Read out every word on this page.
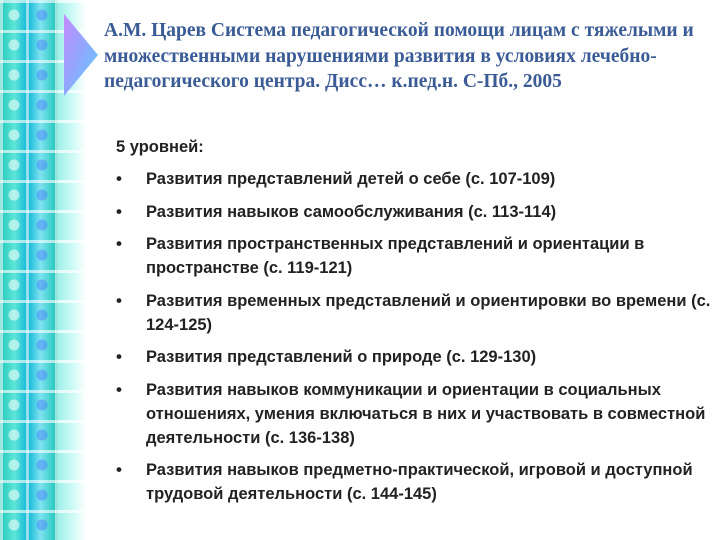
А.М. Царев Система педагогической помощи лицам с тяжелыми и множественными нарушениями развития в условиях лечебно-педагогического центра. Дисс… к.пед.н. С-Пб., 2005

5 уровней:

• Развития представлений детей о себе (с. 107-109)
• Развития навыков самообслуживания (с. 113-114)
• Развития пространственных представлений и ориентации в пространстве (с. 119-121)
• Развития временных представлений и ориентировки во времени (с. 124-125)
• Развития представлений о природе (с. 129-130)
• Развития навыков коммуникации и ориентации в социальных отношениях, умения включаться в них и участвовать в совместной деятельности (с. 136-138)
• Развития навыков предметно-практической, игровой и доступной трудовой деятельности (с. 144-145)
